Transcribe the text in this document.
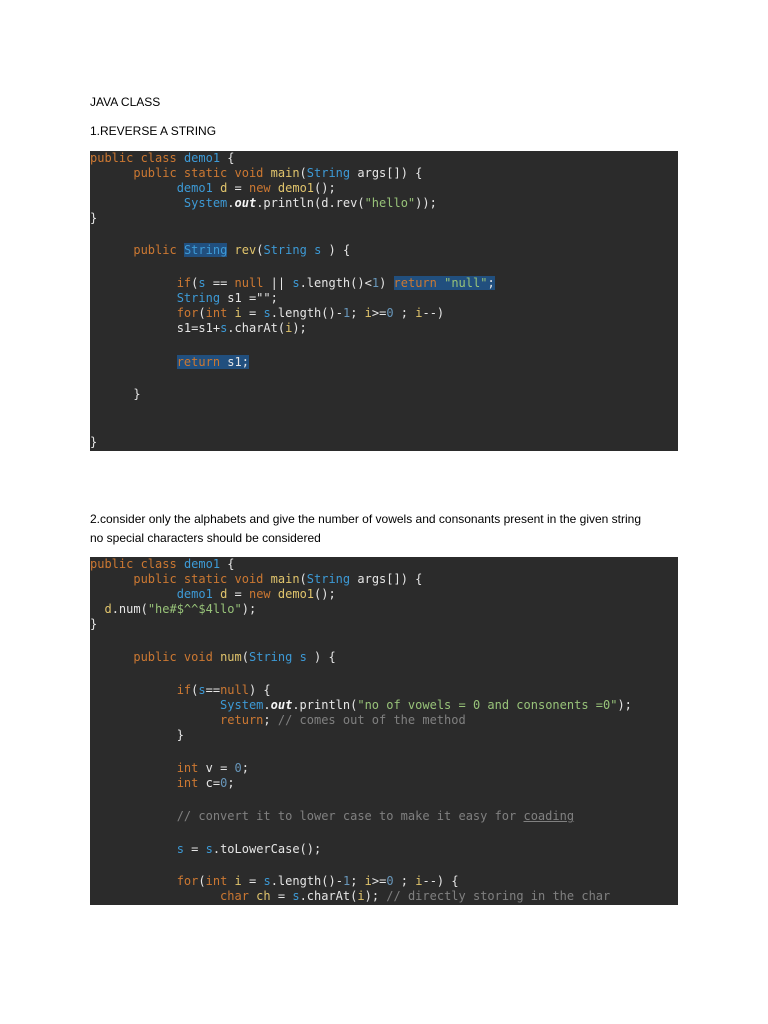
JAVA CLASS
1.REVERSE A STRING
public class demo1 {
public static void main(String args[]) {
demo1 d = new demo1();
System.out.println(d.rev("hello"));
}
public String rev(String s ) {
if(s == null || s.length()<1) return "null";
String s1 ="";
for(int i = s.length()-1; i>=0 ; i--)
s1=s1+s.charAt(i);
return s1;
}
}
2.consider only the alphabets and give the number of vowels and consonants present in the given string
no special characters should be considered
public class demo1 {
public static void main(String args[]) {
demo1 d = new demo1();
d.num("he#$^^$4llo");
}
public void num(String s ) {
if(s==null) {
System.out.println("no of vowels = 0 and consonents =0");
return; // comes out of the method
}
int v = 0;
int c=0;
// convert it to lower case to make it easy for coading
s = s.toLowerCase();
for(int i = s.length()-1; i>=0 ; i--) {
char ch = s.charAt(i); // directly storing in the char
